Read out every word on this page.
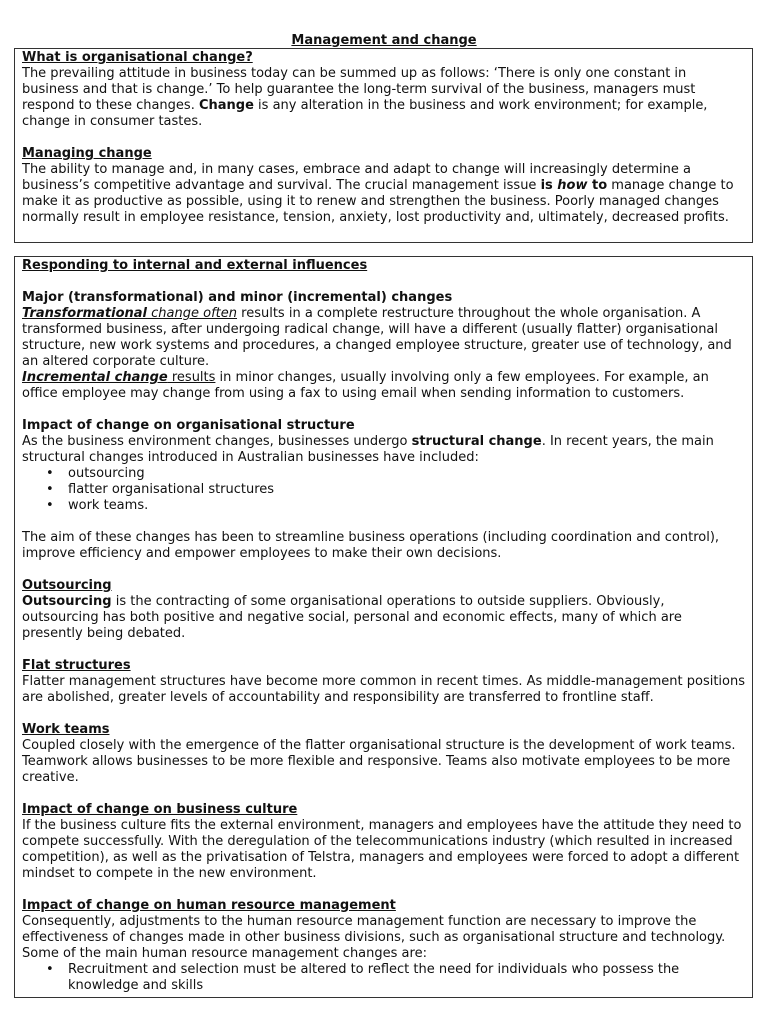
Management and change
What is organisational change?

The prevailing attitude in business today can be summed up as follows: ‘There is only one constant in business and that is change.’ To help guarantee the long-term survival of the business, managers must respond to these changes. Change is any alteration in the business and work environment; for example, change in consumer tastes.

Managing change

The ability to manage and, in many cases, embrace and adapt to change will increasingly determine a business’s competitive advantage and survival. The crucial management issue is how to manage change to make it as productive as possible, using it to renew and strengthen the business. Poorly managed changes normally result in employee resistance, tension, anxiety, lost productivity and, ultimately, decreased profits.

Responding to internal and external influences
Major (transformational) and minor (incremental) changes

Transformational change often results in a complete restructure throughout the whole organisation. A transformed business, after undergoing radical change, will have a different (usually flatter) organisational structure, new work systems and procedures, a changed employee structure, greater use of technology, and an altered corporate culture.

Incremental change results in minor changes, usually involving only a few employees. For example, an office employee may change from using a fax to using email when sending information to customers.

Impact of change on organisational structure

As the business environment changes, businesses undergo structural change. In recent years, the main structural changes introduced in Australian businesses have included:

• outsourcing
• flatter organisational structures
• work teams.

The aim of these changes has been to streamline business operations (including coordination and control), improve efficiency and empower employees to make their own decisions.

Outsourcing

Outsourcing is the contracting of some organisational operations to outside suppliers. Obviously, outsourcing has both positive and negative social, personal and economic effects, many of which are presently being debated.

Flat structures

Flatter management structures have become more common in recent times. As middle-management positions are abolished, greater levels of accountability and responsibility are transferred to frontline staff.

Work teams

Coupled closely with the emergence of the flatter organisational structure is the development of work teams. Teamwork allows businesses to be more flexible and responsive. Teams also motivate employees to be more creative.

Impact of change on business culture

If the business culture fits the external environment, managers and employees have the attitude they need to compete successfully. With the deregulation of the telecommunications industry (which resulted in increased competition), as well as the privatisation of Telstra, managers and employees were forced to adopt a different mindset to compete in the new environment.

Impact of change on human resource management

Consequently, adjustments to the human resource management function are necessary to improve the effectiveness of changes made in other business divisions, such as organisational structure and technology. Some of the main human resource management changes are:

• Recruitment and selection must be altered to reflect the need for individuals who possess the knowledge and skills
